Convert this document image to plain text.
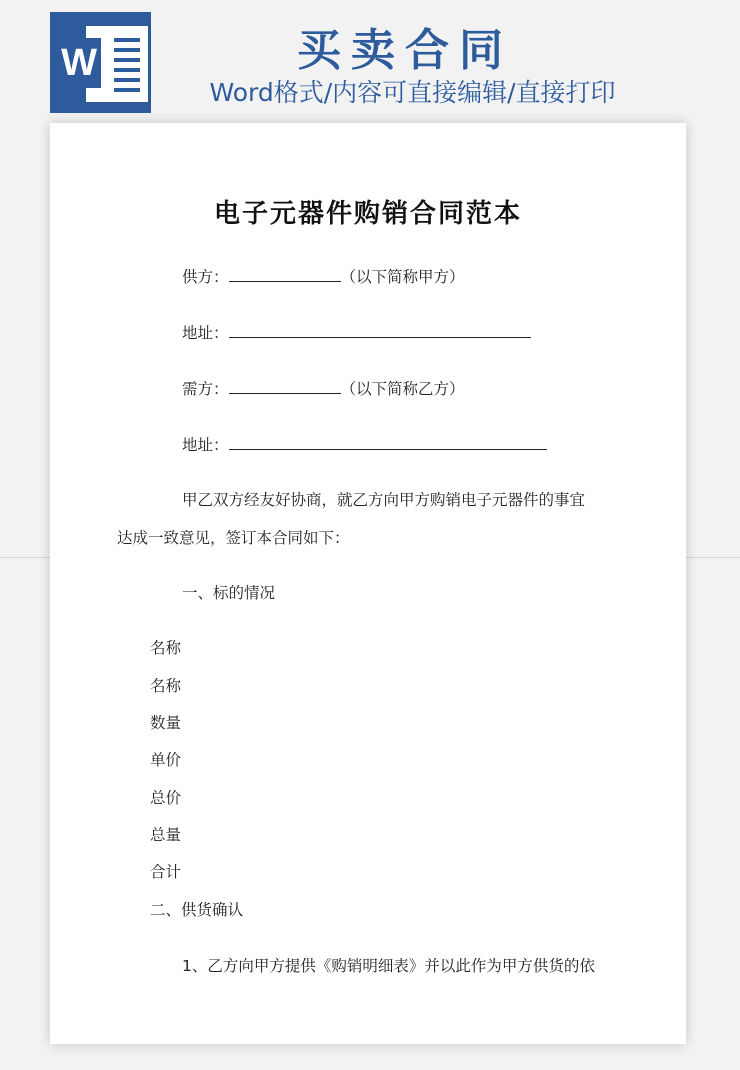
W	买卖合同
Word格式/内容可直接编辑/直接打印
电子元器件购销合同范本
供方：	（以下简称甲方）
地址：
需方：	（以下简称乙方）
地址：
甲乙双方经友好协商，就乙方向甲方购销电子元器件的事宜
达成一致意见，签订本合同如下：
一、标的情况
名称
名称
数量
单价
总价
总量
合计
二、供货确认
1、乙方向甲方提供《购销明细表》并以此作为甲方供货的依
